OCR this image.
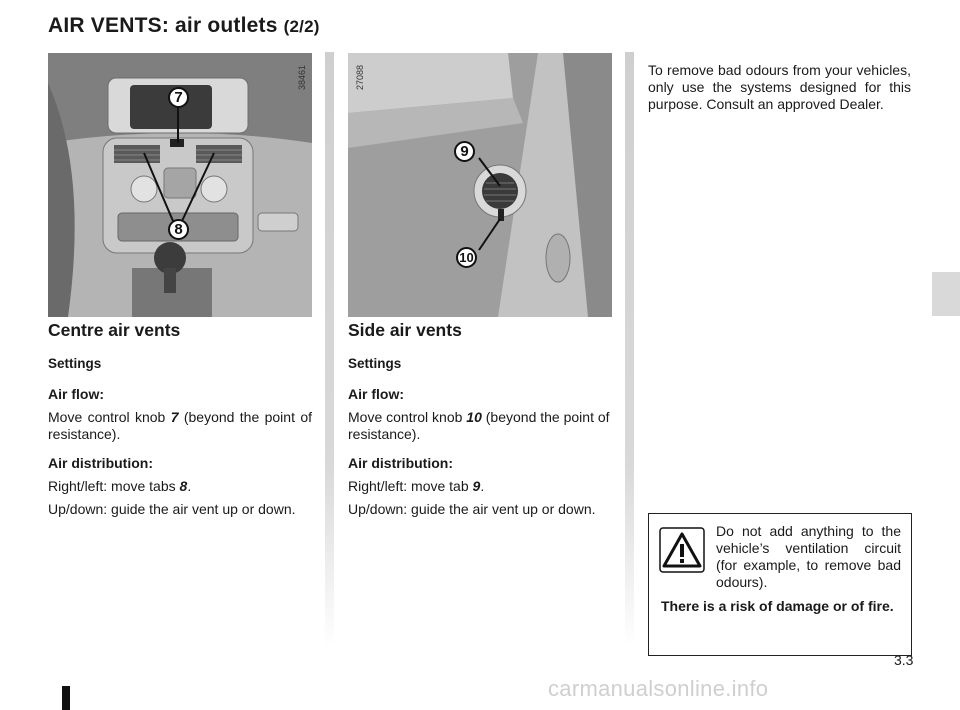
AIR VENTS: air outlets (2/2)
38461
7
8
27088
9
10
Centre air vents
Settings

Air flow:

Move control knob 7 (beyond the point of resistance).

Air distribution:

Right/left: move tabs 8.

Up/down: guide the air vent up or down.

Side air vents
Settings

Air flow:

Move control knob 10 (beyond the point of resistance).

Air distribution:

Right/left: move tab 9.

Up/down: guide the air vent up or down.

To remove bad odours from your vehicles, only use the systems designed for this purpose. Consult an approved Dealer.

Do not add anything to the vehicle’s ventilation circuit (for example, to remove bad odours).

There is a risk of damage or of fire.

3.3
carmanualsonline.info
